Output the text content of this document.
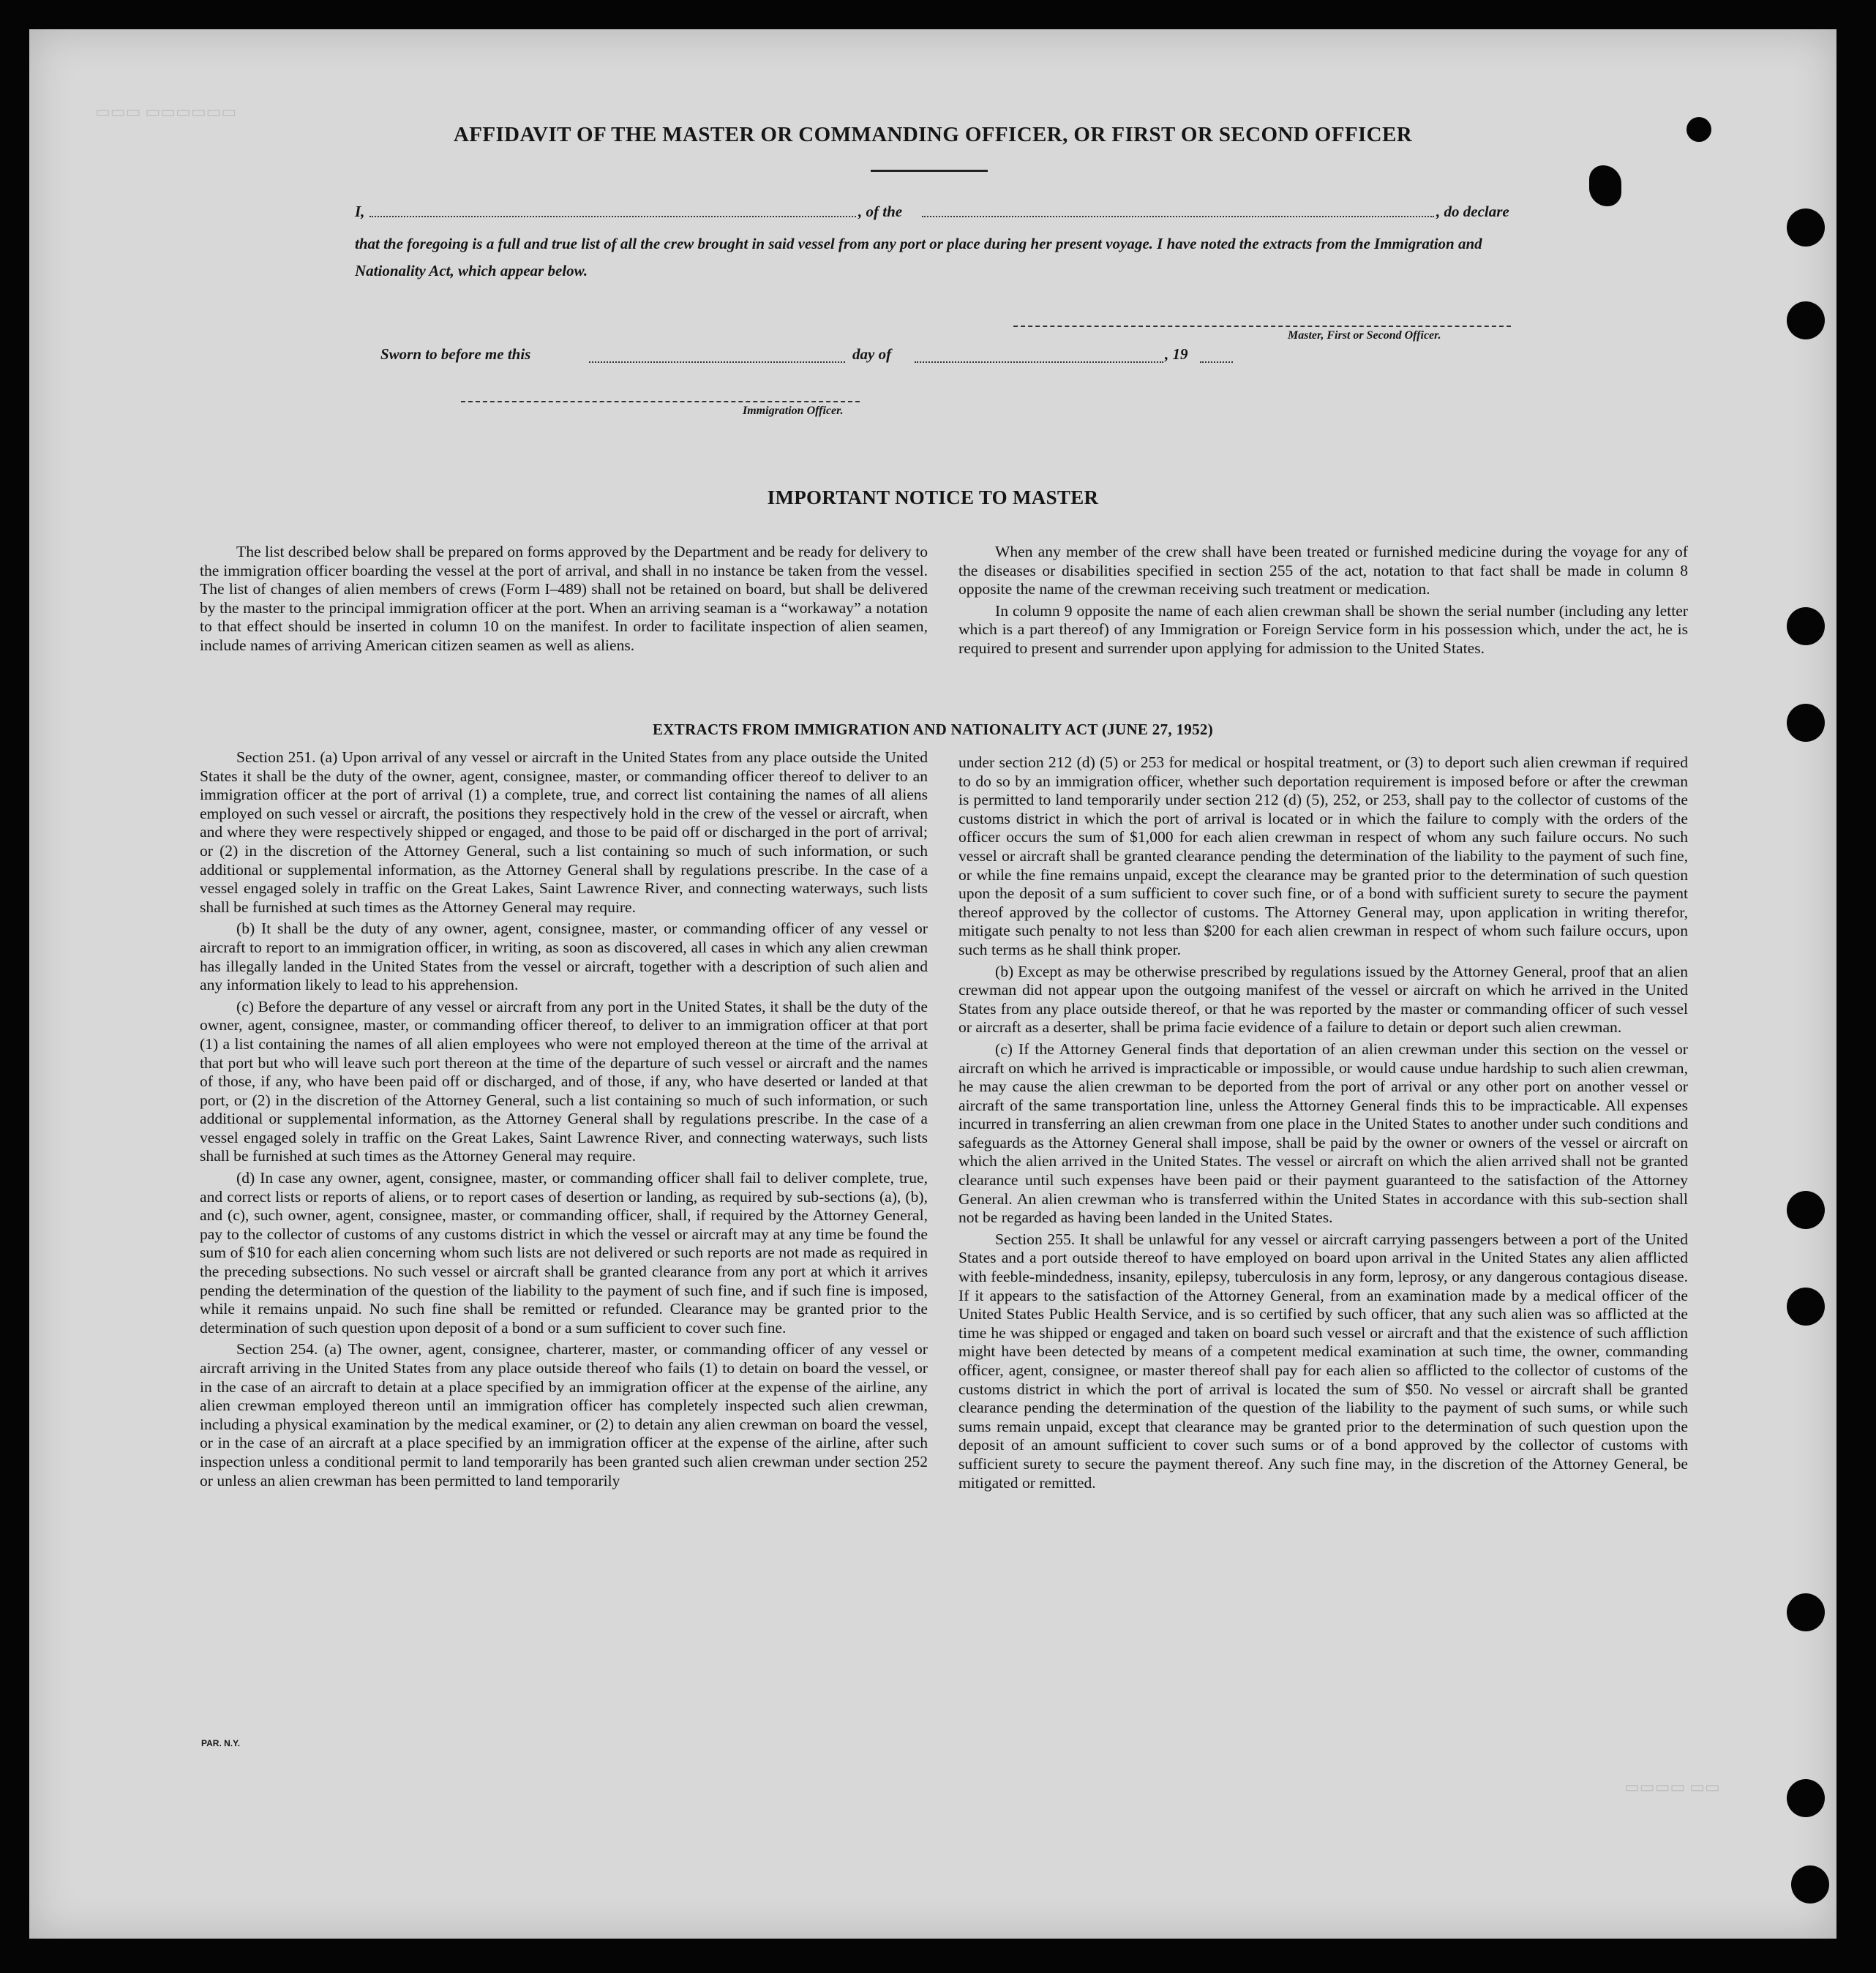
▭▭▭ ▭▭▭▭▭▭
▭▭▭▭ ▭▭
AFFIDAVIT OF THE MASTER OR COMMANDING OFFICER, OR FIRST OR SECOND OFFICER
I,	, of the	, do declare
that the foregoing is a full and true list of all the crew brought in said vessel from any port or place during her present voyage. I have noted the extracts from the Immigration and Nationality Act, which appear below.
Master, First or Second Officer.
Sworn to before me this	day of	, 19
Immigration Officer.
IMPORTANT NOTICE TO MASTER

The list described below shall be prepared on forms approved by the Department and be ready for delivery to the immigration officer boarding the vessel at the port of arrival, and shall in no instance be taken from the vessel. The list of changes of alien members of crews (Form I–489) shall not be retained on board, but shall be delivered by the master to the principal immigration officer at the port. When an arriving seaman is a “workaway” a notation to that effect should be inserted in column 10 on the manifest. In order to facilitate inspection of alien seamen, include names of arriving American citizen seamen as well as aliens.

When any member of the crew shall have been treated or furnished medicine during the voyage for any of the diseases or disabilities specified in section 255 of the act, notation to that fact shall be made in column 8 opposite the name of the crewman receiving such treatment or medication.

In column 9 opposite the name of each alien crewman shall be shown the serial number (including any letter which is a part thereof) of any Immigration or Foreign Service form in his possession which, under the act, he is required to present and surrender upon applying for admission to the United States.

EXTRACTS FROM IMMIGRATION AND NATIONALITY ACT (JUNE 27, 1952)

Section 251. (a) Upon arrival of any vessel or aircraft in the United States from any place outside the United States it shall be the duty of the owner, agent, consignee, master, or commanding officer thereof to deliver to an immigration officer at the port of arrival (1) a complete, true, and correct list containing the names of all aliens employed on such vessel or aircraft, the positions they respectively hold in the crew of the vessel or aircraft, when and where they were respectively shipped or engaged, and those to be paid off or discharged in the port of arrival; or (2) in the discretion of the Attorney General, such a list containing so much of such information, or such additional or supplemental information, as the Attorney General shall by regulations prescribe. In the case of a vessel engaged solely in traffic on the Great Lakes, Saint Lawrence River, and connecting waterways, such lists shall be furnished at such times as the Attorney General may require.

(b) It shall be the duty of any owner, agent, consignee, master, or commanding officer of any vessel or aircraft to report to an immigration officer, in writing, as soon as discovered, all cases in which any alien crewman has illegally landed in the United States from the vessel or aircraft, together with a description of such alien and any information likely to lead to his apprehension.

(c) Before the departure of any vessel or aircraft from any port in the United States, it shall be the duty of the owner, agent, consignee, master, or commanding officer thereof, to deliver to an immigration officer at that port (1) a list containing the names of all alien employees who were not employed thereon at the time of the arrival at that port but who will leave such port thereon at the time of the departure of such vessel or aircraft and the names of those, if any, who have been paid off or discharged, and of those, if any, who have deserted or landed at that port, or (2) in the discretion of the Attorney General, such a list containing so much of such information, or such additional or supplemental information, as the Attorney General shall by regulations prescribe. In the case of a vessel engaged solely in traffic on the Great Lakes, Saint Lawrence River, and connecting waterways, such lists shall be furnished at such times as the Attorney General may require.

(d) In case any owner, agent, consignee, master, or commanding officer shall fail to deliver complete, true, and correct lists or reports of aliens, or to report cases of desertion or landing, as required by sub-sections (a), (b), and (c), such owner, agent, consignee, master, or commanding officer, shall, if required by the Attorney General, pay to the collector of customs of any customs district in which the vessel or aircraft may at any time be found the sum of $10 for each alien concerning whom such lists are not delivered or such reports are not made as required in the preceding subsections. No such vessel or aircraft shall be granted clearance from any port at which it arrives pending the determination of the question of the liability to the payment of such fine, and if such fine is imposed, while it remains unpaid. No such fine shall be remitted or refunded. Clearance may be granted prior to the determination of such question upon deposit of a bond or a sum sufficient to cover such fine.

Section 254. (a) The owner, agent, consignee, charterer, master, or commanding officer of any vessel or aircraft arriving in the United States from any place outside thereof who fails (1) to detain on board the vessel, or in the case of an aircraft to detain at a place specified by an immigration officer at the expense of the airline, any alien crewman employed thereon until an immigration officer has completely inspected such alien crewman, including a physical examination by the medical examiner, or (2) to detain any alien crewman on board the vessel, or in the case of an aircraft at a place specified by an immigration officer at the expense of the airline, after such inspection unless a conditional permit to land temporarily has been granted such alien crewman under section 252 or unless an alien crewman has been permitted to land temporarily

under section 212 (d) (5) or 253 for medical or hospital treatment, or (3) to deport such alien crewman if required to do so by an immigration officer, whether such deportation requirement is imposed before or after the crewman is permitted to land temporarily under section 212 (d) (5), 252, or 253, shall pay to the collector of customs of the customs district in which the port of arrival is located or in which the failure to comply with the orders of the officer occurs the sum of $1,000 for each alien crewman in respect of whom any such failure occurs. No such vessel or aircraft shall be granted clearance pending the determination of the liability to the payment of such fine, or while the fine remains unpaid, except the clearance may be granted prior to the determination of such question upon the deposit of a sum sufficient to cover such fine, or of a bond with sufficient surety to secure the payment thereof approved by the collector of customs. The Attorney General may, upon application in writing therefor, mitigate such penalty to not less than $200 for each alien crewman in respect of whom such failure occurs, upon such terms as he shall think proper.

(b) Except as may be otherwise prescribed by regulations issued by the Attorney General, proof that an alien crewman did not appear upon the outgoing manifest of the vessel or aircraft on which he arrived in the United States from any place outside thereof, or that he was reported by the master or commanding officer of such vessel or aircraft as a deserter, shall be prima facie evidence of a failure to detain or deport such alien crewman.

(c) If the Attorney General finds that deportation of an alien crewman under this section on the vessel or aircraft on which he arrived is impracticable or impossible, or would cause undue hardship to such alien crewman, he may cause the alien crewman to be deported from the port of arrival or any other port on another vessel or aircraft of the same transportation line, unless the Attorney General finds this to be impracticable. All expenses incurred in transferring an alien crewman from one place in the United States to another under such conditions and safeguards as the Attorney General shall impose, shall be paid by the owner or owners of the vessel or aircraft on which the alien arrived in the United States. The vessel or aircraft on which the alien arrived shall not be granted clearance until such expenses have been paid or their payment guaranteed to the satisfaction of the Attorney General. An alien crewman who is transferred within the United States in accordance with this sub-section shall not be regarded as having been landed in the United States.

Section 255. It shall be unlawful for any vessel or aircraft carrying passengers between a port of the United States and a port outside thereof to have employed on board upon arrival in the United States any alien afflicted with feeble-mindedness, insanity, epilepsy, tuberculosis in any form, leprosy, or any dangerous contagious disease. If it appears to the satisfaction of the Attorney General, from an examination made by a medical officer of the United States Public Health Service, and is so certified by such officer, that any such alien was so afflicted at the time he was shipped or engaged and taken on board such vessel or aircraft and that the existence of such affliction might have been detected by means of a competent medical examination at such time, the owner, commanding officer, agent, consignee, or master thereof shall pay for each alien so afflicted to the collector of customs of the customs district in which the port of arrival is located the sum of $50. No vessel or aircraft shall be granted clearance pending the determination of the question of the liability to the payment of such sums, or while such sums remain unpaid, except that clearance may be granted prior to the determination of such question upon the deposit of an amount sufficient to cover such sums or of a bond approved by the collector of customs with sufficient surety to secure the payment thereof. Any such fine may, in the discretion of the Attorney General, be mitigated or remitted.

PAR. N.Y.
